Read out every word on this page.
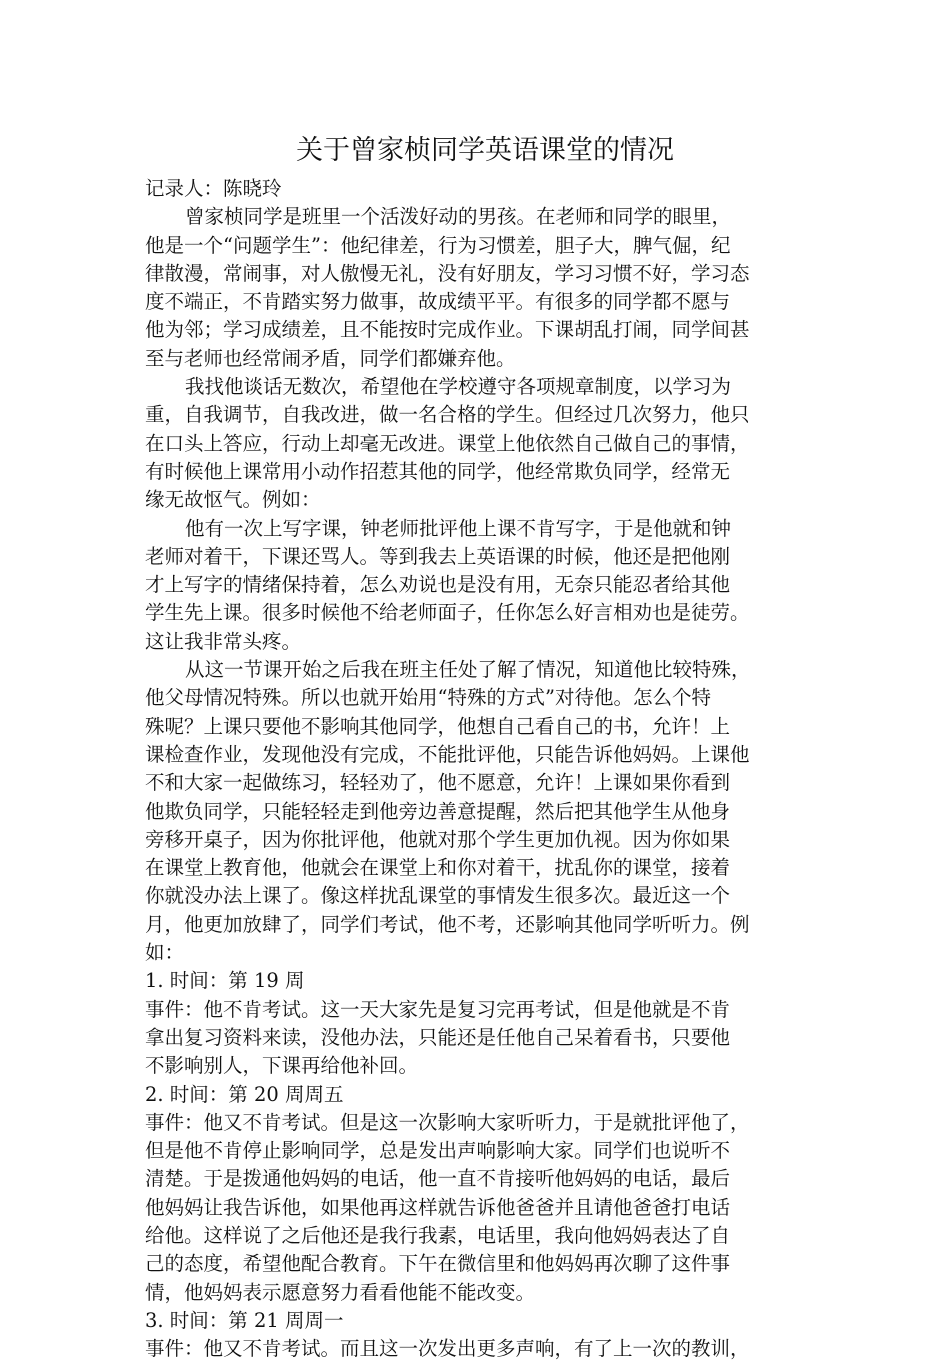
关于曾家桢同学英语课堂的情况

记录人：陈晓玲

曾家桢同学是班里一个活泼好动的男孩。在老师和同学的眼里，

他是一个“问题学生”：他纪律差，行为习惯差，胆子大，脾气倔，纪

律散漫，常闹事，对人傲慢无礼，没有好朋友，学习习惯不好，学习态

度不端正，不肯踏实努力做事，故成绩平平。有很多的同学都不愿与

他为邻；学习成绩差，且不能按时完成作业。下课胡乱打闹，同学间甚

至与老师也经常闹矛盾，同学们都嫌弃他。

我找他谈话无数次，希望他在学校遵守各项规章制度，以学习为

重，自我调节，自我改进，做一名合格的学生。但经过几次努力，他只

在口头上答应，行动上却毫无改进。课堂上他依然自己做自己的事情，

有时候他上课常用小动作招惹其他的同学，他经常欺负同学，经常无

缘无故怄气。例如：

他有一次上写字课，钟老师批评他上课不肯写字，于是他就和钟

老师对着干，下课还骂人。等到我去上英语课的时候，他还是把他刚

才上写字的情绪保持着，怎么劝说也是没有用，无奈只能忍者给其他

学生先上课。很多时候他不给老师面子，任你怎么好言相劝也是徒劳。

这让我非常头疼。

从这一节课开始之后我在班主任处了解了情况，知道他比较特殊，

他父母情况特殊。所以也就开始用“特殊的方式”对待他。怎么个特

殊呢？上课只要他不影响其他同学，他想自己看自己的书，允许！上

课检查作业，发现他没有完成，不能批评他，只能告诉他妈妈。上课他

不和大家一起做练习，轻轻劝了，他不愿意，允许！上课如果你看到

他欺负同学，只能轻轻走到他旁边善意提醒，然后把其他学生从他身

旁移开桌子，因为你批评他，他就对那个学生更加仇视。因为你如果

在课堂上教育他，他就会在课堂上和你对着干，扰乱你的课堂，接着

你就没办法上课了。像这样扰乱课堂的事情发生很多次。最近这一个

月，他更加放肆了，同学们考试，他不考，还影响其他同学听听力。例

如：

1. 时间：第 19 周

事件：他不肯考试。这一天大家先是复习完再考试，但是他就是不肯

拿出复习资料来读，没他办法，只能还是任他自己呆着看书，只要他

不影响别人，下课再给他补回。

2. 时间：第 20 周周五

事件：他又不肯考试。但是这一次影响大家听听力，于是就批评他了，

但是他不肯停止影响同学，总是发出声响影响大家。同学们也说听不

清楚。于是拨通他妈妈的电话，他一直不肯接听他妈妈的电话，最后

他妈妈让我告诉他，如果他再这样就告诉他爸爸并且请他爸爸打电话

给他。这样说了之后他还是我行我素，电话里，我向他妈妈表达了自

己的态度，希望他配合教育。下午在微信里和他妈妈再次聊了这件事

情，他妈妈表示愿意努力看看他能不能改变。

3. 时间：第 21 周周一

事件：他又不肯考试。而且这一次发出更多声响，有了上一次的教训，
